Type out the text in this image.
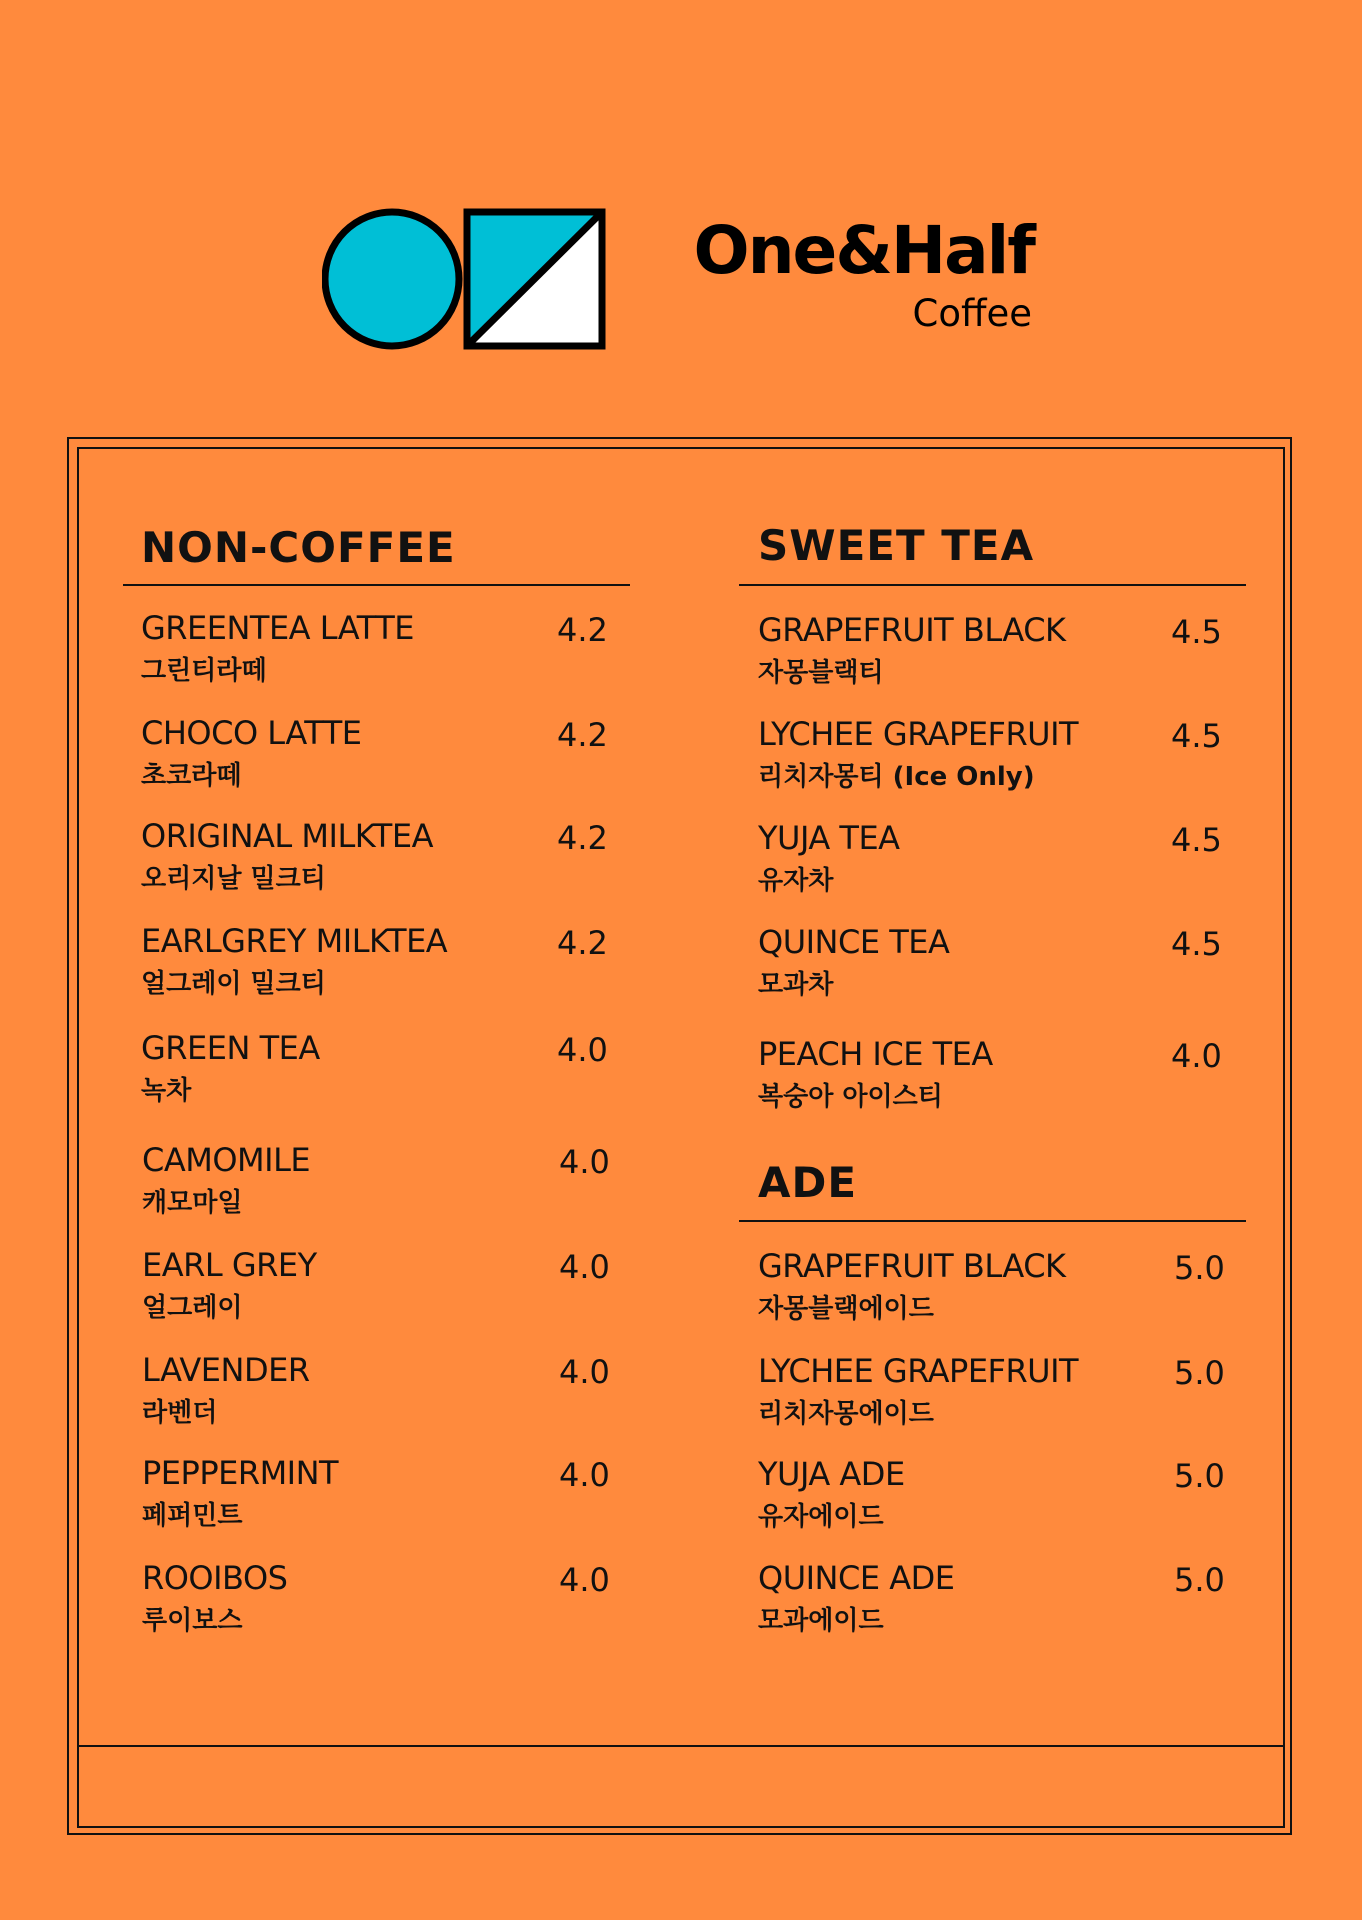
One&Half
Coffee
NON-COFFEE
GREENTEA LATTE
그린티라떼
4.2
CHOCO LATTE
초코라떼
4.2
ORIGINAL MILKTEA
오리지날 밀크티
4.2
EARLGREY MILKTEA
얼그레이 밀크티
4.2
GREEN TEA
녹차
4.0
CAMOMILE
캐모마일
4.0
EARL GREY
얼그레이
4.0
LAVENDER
라벤더
4.0
PEPPERMINT
페퍼민트
4.0
ROOIBOS
루이보스
4.0
SWEET TEA
GRAPEFRUIT BLACK
자몽블랙티
4.5
LYCHEE GRAPEFRUIT
리치자몽티 (Ice Only)
4.5
YUJA TEA
유자차
4.5
QUINCE TEA
모과차
4.5
PEACH ICE TEA
복숭아 아이스티
4.0
ADE
GRAPEFRUIT BLACK
자몽블랙에이드
5.0
LYCHEE GRAPEFRUIT
리치자몽에이드
5.0
YUJA ADE
유자에이드
5.0
QUINCE ADE
모과에이드
5.0
